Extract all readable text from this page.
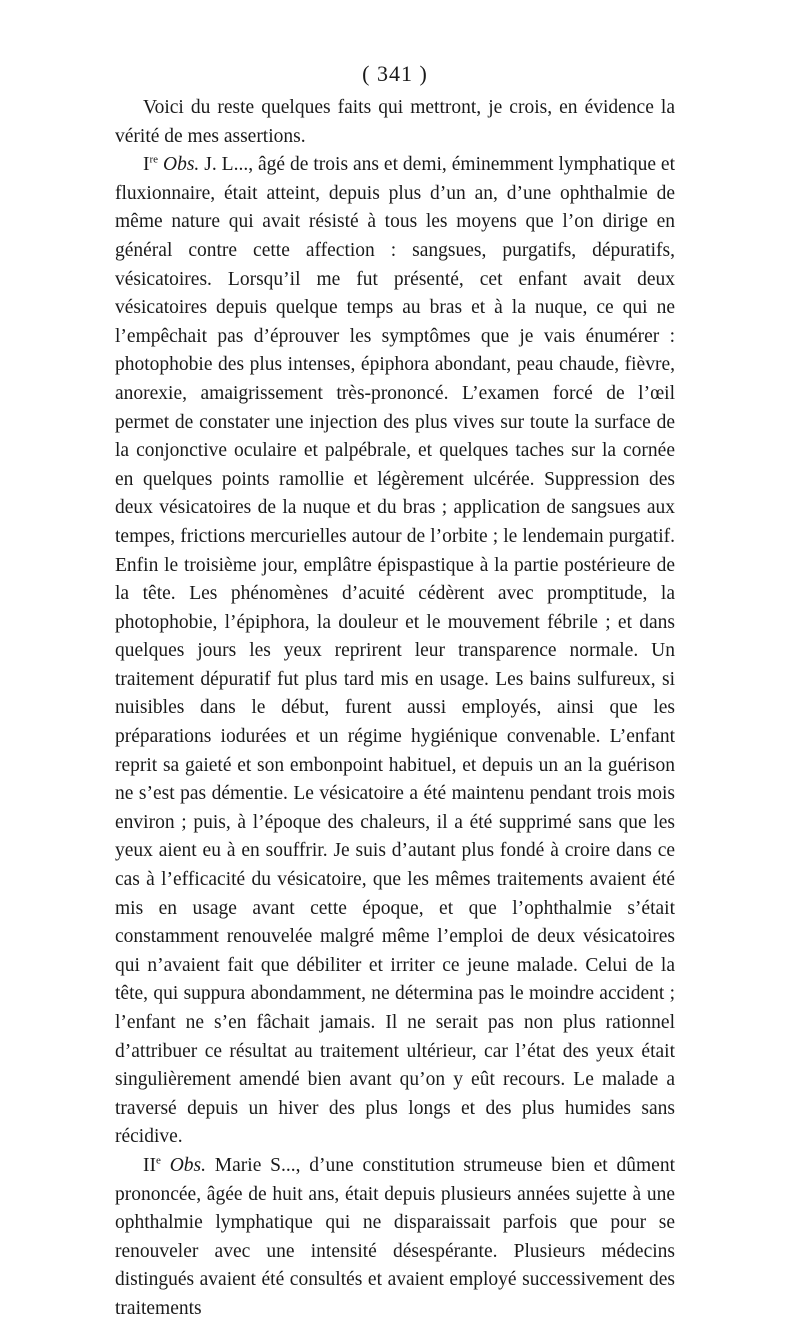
( 341 )

Voici du reste quelques faits qui mettront, je crois, en évidence la vérité de mes assertions.

Ire Obs. J. L..., âgé de trois ans et demi, éminemment lymphatique et fluxionnaire, était atteint, depuis plus d’un an, d’une ophthalmie de même nature qui avait résisté à tous les moyens que l’on dirige en général contre cette affection : sangsues, purgatifs, dépuratifs, vésicatoires. Lorsqu’il me fut présenté, cet enfant avait deux vésicatoires depuis quelque temps au bras et à la nuque, ce qui ne l’empêchait pas d’éprouver les symptômes que je vais énumérer : photophobie des plus intenses, épiphora abondant, peau chaude, fièvre, anorexie, amaigrissement très-prononcé. L’examen forcé de l’œil permet de constater une injection des plus vives sur toute la surface de la conjonctive oculaire et palpébrale, et quelques taches sur la cornée en quelques points ramollie et légèrement ulcérée. Suppression des deux vésicatoires de la nuque et du bras ; application de sangsues aux tempes, frictions mercurielles autour de l’orbite ; le lendemain purgatif. Enfin le troisième jour, emplâtre épispastique à la partie postérieure de la tête. Les phénomènes d’acuité cédèrent avec promptitude, la photophobie, l’épiphora, la douleur et le mouvement fébrile ; et dans quelques jours les yeux reprirent leur transparence normale. Un traitement dépuratif fut plus tard mis en usage. Les bains sulfureux, si nuisibles dans le début, furent aussi employés, ainsi que les préparations iodurées et un régime hygiénique convenable. L’enfant reprit sa gaieté et son embonpoint habituel, et depuis un an la guérison ne s’est pas démentie. Le vésicatoire a été maintenu pendant trois mois environ ; puis, à l’époque des chaleurs, il a été supprimé sans que les yeux aient eu à en souffrir. Je suis d’autant plus fondé à croire dans ce cas à l’efficacité du vésicatoire, que les mêmes traitements avaient été mis en usage avant cette époque, et que l’ophthalmie s’était constamment renouvelée malgré même l’emploi de deux vésicatoires qui n’avaient fait que débiliter et irriter ce jeune malade. Celui de la tête, qui suppura abondamment, ne détermina pas le moindre accident ; l’enfant ne s’en fâchait jamais. Il ne serait pas non plus rationnel d’attribuer ce résultat au traitement ultérieur, car l’état des yeux était singulièrement amendé bien avant qu’on y eût recours. Le malade a traversé depuis un hiver des plus longs et des plus humides sans récidive.

IIe Obs. Marie S..., d’une constitution strumeuse bien et dûment prononcée, âgée de huit ans, était depuis plusieurs années sujette à une ophthalmie lymphatique qui ne disparaissait parfois que pour se renouveler avec une intensité désespérante. Plusieurs médecins distingués avaient été consultés et avaient employé successivement des traitements
